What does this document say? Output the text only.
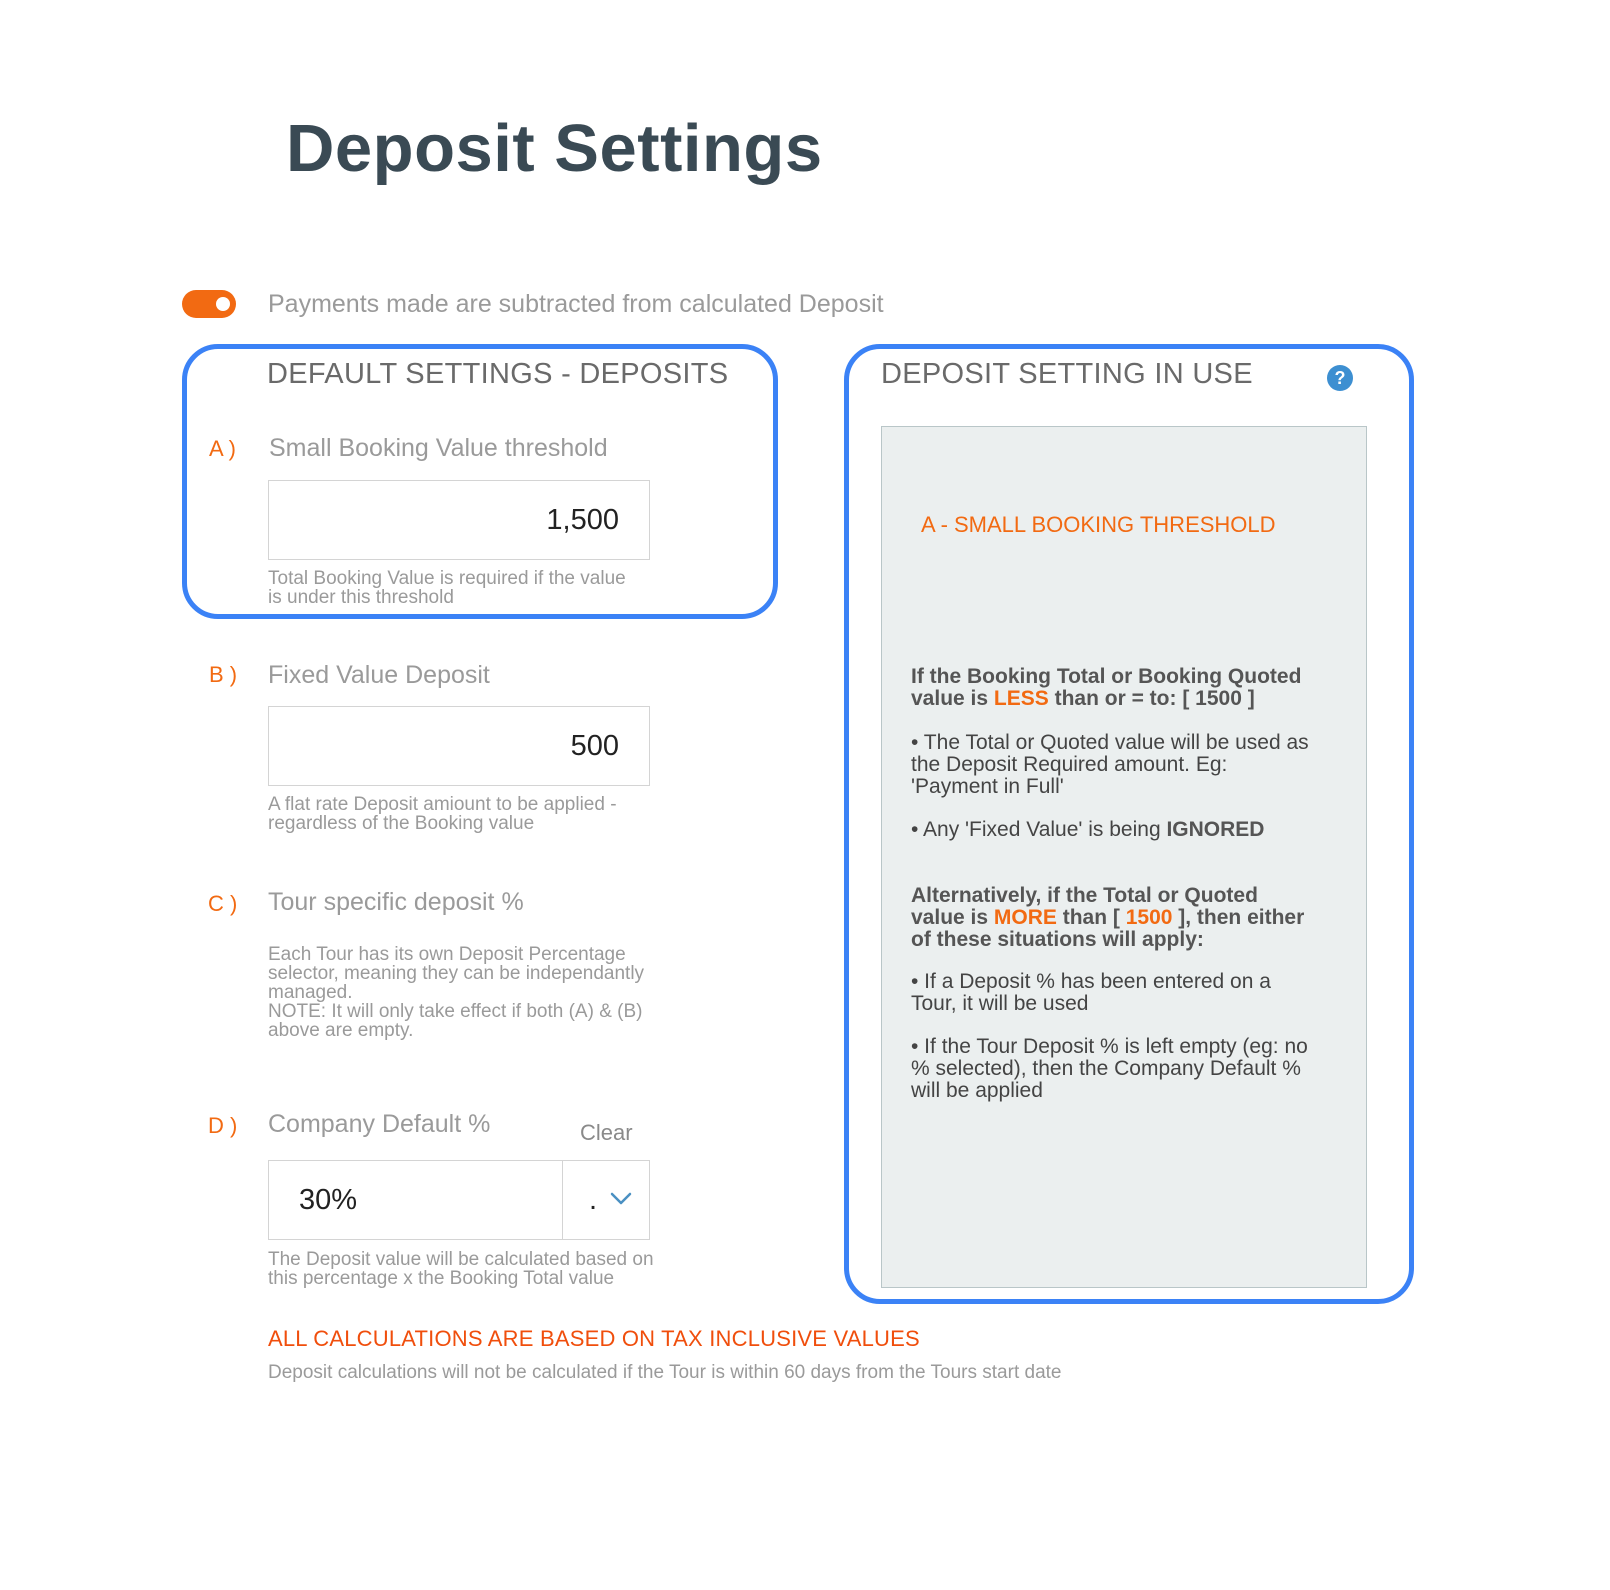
Deposit Settings
Payments made are subtracted from calculated Deposit
DEFAULT SETTINGS - DEPOSITS
A ) Small Booking Value threshold
1,500
Total Booking Value is required if the value
is under this threshold
B ) Fixed Value Deposit
500
A flat rate Deposit amiount to be applied -
regardless of the Booking value
C ) Tour specific deposit %
Each Tour has its own Deposit Percentage
selector, meaning they can be independantly
managed.
NOTE: It will only take effect if both (A) & (B)
above are empty.
D ) Company Default %	Clear
30%	.
The Deposit value will be calculated based on
this percentage x the Booking Total value
DEPOSIT SETTING IN USE	?
A - SMALL BOOKING THRESHOLD
If the Booking Total or Booking Quoted
value is LESS than or = to: [ 1500 ]
• The Total or Quoted value will be used as
the Deposit Required amount. Eg:
'Payment in Full'
• Any 'Fixed Value' is being IGNORED
Alternatively, if the Total or Quoted
value is MORE than [ 1500 ], then either
of these situations will apply:
• If a Deposit % has been entered on a
Tour, it will be used
• If the Tour Deposit % is left empty (eg: no
% selected), then the Company Default %
will be applied
ALL CALCULATIONS ARE BASED ON TAX INCLUSIVE VALUES
Deposit calculations will not be calculated if the Tour is within 60 days from the Tours start date
